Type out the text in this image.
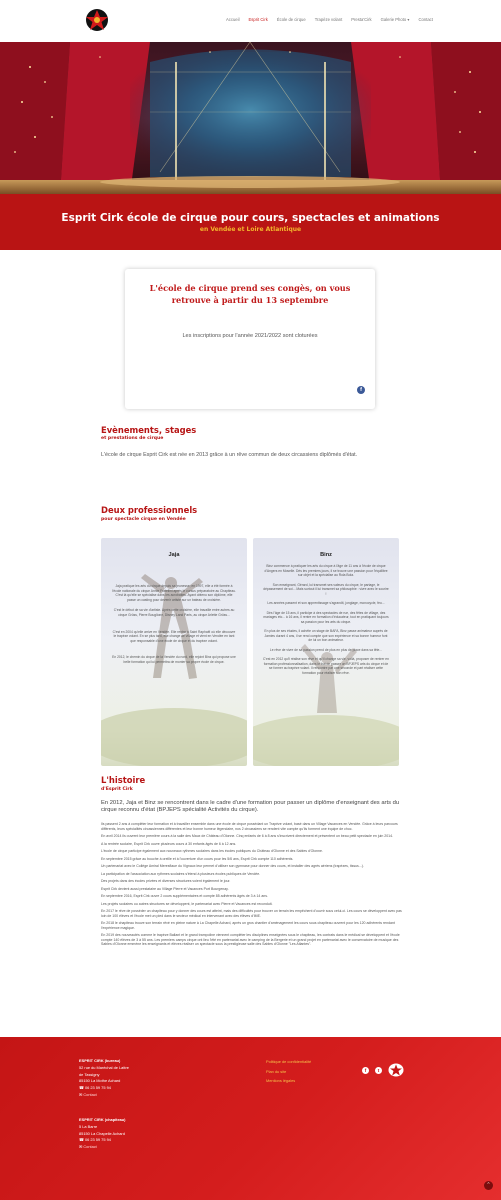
Accueil Esprit Cirk École de cirque Trapèze volant Presta'Cirk Galerie Photo ▾ Contact
Esprit Cirk école de cirque pour cours, spectacles et animations
en Vendée et Loire Atlantique
L'école de cirque prend ses congès, on vous retrouve à partir du 13 septembre
Les inscriptions pour l'année 2021/2022 sont cloturées
f
Evènements, stages
et prestations de cirque
L'école de cirque Esprit Cirk est née en 2013 grâce à un rêve commun de deux circassiens diplômés d'état.
Deux professionnels
pour spectacle cirque en Vendée
Jaja

Jaja pratique les arts du cirque depuis sa jeunesse; en 1997, elle a été formée à l'école nationale du cirque Annie Fratellini après le cursus préparatoire au Chapiteau. C'est là qu'elle se spécialise dans les acrobaties. Ayant obtenu son diplôme, elle passe un casting pour devenir artiste sur un bateau de croisière.

C'est le début de sa vie d'artiste. Après cette croisière, elle travaille entre autres au cirque Grüss, Pierre Bouglione, Disney Land Paris, au cirque Arlette Grüss...

C'est en 2004 qu'elle arrive en Vendée. Elle rentre à Saint Raphaël où elle découvre le trapèze volant. En se plus tard, elle change de village et vient en Vendée en tant que responsable d'une école de cirque et du trapèze volant.

En 2012, le chemin du cirque de la Vendée du nord, elle rejoint Binz qui propose une belle formation qui lui permettra de monter sa propre école de cirque.

Binz

Binz commence à pratiquer les arts du cirque à l'âge de 11 ans à l'école de cirque d'Angers en Moselle. Dès les premiers jours, il se trouve une passion pour l'équilibre sur objet et la spécialise au Rola Bola.

Son enseignant, Gérard, lui transmet ses valeurs du cirque, le partage, le dépassement de soi... Mais surtout il lui transmet sa philosophie : vivre avec le sourire !

Les années passent et son apprentissage s'agrandit, jonglage, monocycle, feu...

Dès l'âge de 15 ans, il participe à des spectacles de rue, des fêtes de village, des mariages etc... à 16 ans, il rentre en formation d'éducateur, tout en pratiquant toujours sa passion pour les arts du cirque.

En plus de ses études, il achète un stage de BAFA, Binz passe animateur auprès de Jamies durant 4 ans, il se rend compte que son expérience et sa bonne humeur font de lui un bon animateur.

Le rêve de vivre de sa passion prend de plus en plus de place dans sa tête...

C'est en 2012 qu'il réalise son rêve et qu'il change sa vie, voilà, proposer de rentrer en formation professionnalisation, dans le but de passer un BPJEPS arts du cirque et de se former au trapèze volant. Il rencontre par une seconde et part réaliser cette formation pour réaliser son rêve.

L'histoire
d'Esprit Cirk
En 2012, Jaja et Binz se rencontrent dans le cadre d'une formation pour passer un diplôme d'enseignant des arts du cirque reconnu d'état (BPJEPS spécialité Activités du cirque).

Ils passent 2 ans à compléter leur formation et à travailler ensemble dans une école de cirque possédant un Trapèze volant, basé dans un Village Vacances en Vendée. Grâce à leurs parcours différents, leurs spécialités circassiennes différentes et leur bonne humeur légendaire, nos 2 circassiens se rendent vite compte qu'ils forment une équipe de choc.

En avril 2014 ils ouvrent leur première cours à la salle des Maux de Château d'Olonne. Cinq enfants de 6 à 8 ans s'inscrivent directement et présentent un beau petit spectacle en juin 2014.

A la rentrée scolaire, Esprit Cirk ouvre plusieurs cours à 30 enfants âgés de 6 à 12 ans.

L'école de cirque participe également aux nouveaux rythmes scolaires dans les écoles publiques du Château d'Olonne et des Sables d'Olonne.

En septembre 2015 grâce au bouche à oreille et à l'ouverture d'un cours pour les 5/6 ans, Esprit Cirk compte 110 adhérents.

Un partenariat avec le Collège Amiral Meresflaue du Vignaux leur permet d'utiliser son gymnase pour donner des cours, et installer des agrès aériens (trapèzes, tissus...).

La participation de l'association aux rythmes scolaires s'étend à plusieurs écoles publiques de Vendée.

Des projets dans des écoles privées et diverses structures voient également le jour.

Esprit Cirk devient aussi prestataire au Village Pierre et Vacances Port Bourgenay.

En septembre 2016, Esprit Cirk ouvre 2 cours supplémentaires et compte 85 adhérents âgés de 3 à 14 ans.

Les projets scolaires ou autres structures se développent, le partenariat avec Pierre et Vacances est reconduit.

En 2017 le rêve de posséder un chapiteau pour y donner des cours est atteint, mais des difficultés pour trouver un terrain les empêchent d'ouvrir sous celui-ci. Les cours se développent avec pas loin de 100 élèves et l'école met un pied dans le secteur médical en intervenant avec des élèves d'IME.

En 2018 le chapiteau trouve son terrain rêvé en pleine nature à La Chapelle Achard, après un gros chantier d'aménagement les cours sous chapiteau ouvrent pour les 120 adhérents rendant l'expérience magique.

En 2019 des nouveautés comme le trapèze Ballant et le grand trampoline viennent compléter les disciplines enseignées sous le chapiteau, les contrats dans le médical se développent et l'école compte 140 élèves de 3 à 55 ans. Les premiers camps cirque ont lieu l'été en partenariat avec le camping de la Bergerie et un grand projet en partenariat avec le conservatoire de musique des Sables d'Olonne emmène les enseignants et élèves réaliser un spectacle sous la prestigieuse salle des Sables d'Olonne "Les Atlantes".

ESPRIT CIRK (bureau)
52 rue du Maréchal de Lattre
de Tassigny
85150 La Mothe Achard
☎ 06 23 59 75 94
✉ Contact
ESPRIT CIRK (chapiteau)
5 La Barre
85150 La Chapelle Achard
☎ 06 23 59 75 94
✉ Contact
Politique de confidentialité
Plan du site
Mentions légales
f	t
⌃
